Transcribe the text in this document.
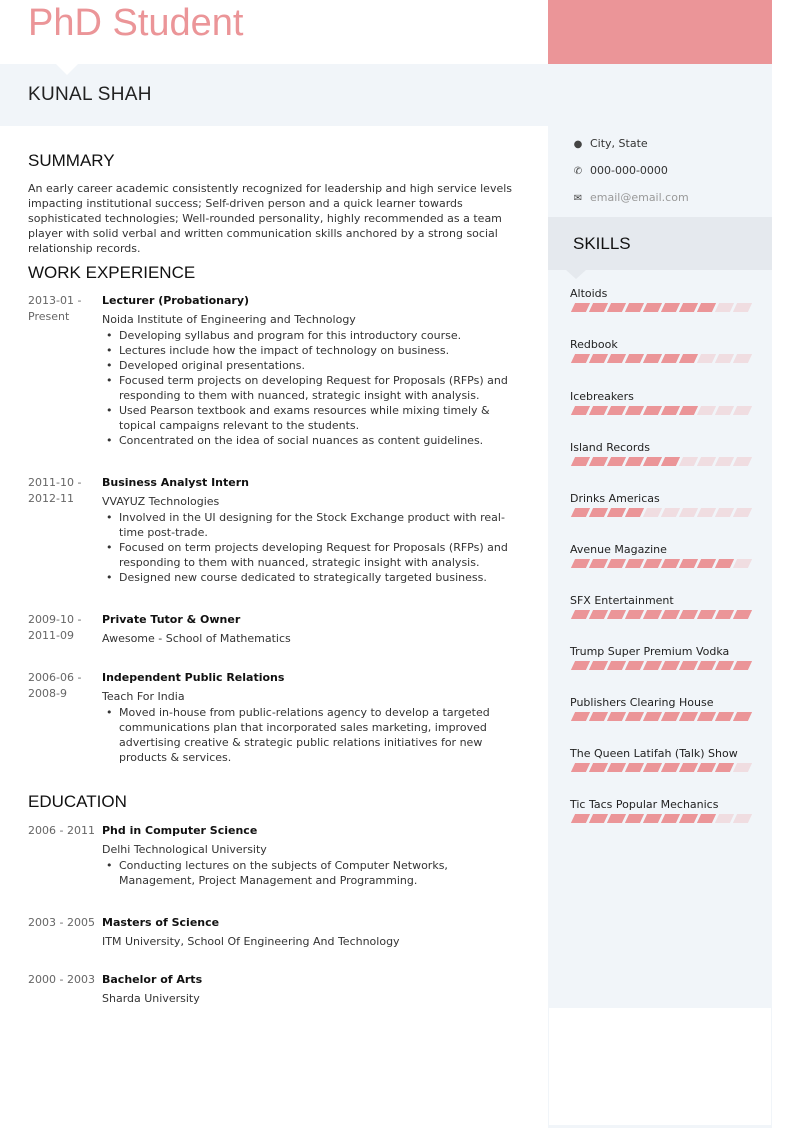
PhD Student
KUNAL SHAH
SUMMARY
An early career academic consistently recognized for leadership and high service levels impacting institutional success; Self-driven person and a quick learner towards sophisticated technologies; Well-rounded personality, highly recommended as a team player with solid verbal and written communication skills anchored by a strong social relationship records.
WORK EXPERIENCE
2013-01 - Present
Lecturer (Probationary)
Noida Institute of Engineering and Technology
• Developing syllabus and program for this introductory course.
• Lectures include how the impact of technology on business.
• Developed original presentations.
• Focused term projects on developing Request for Proposals (RFPs) and responding to them with nuanced, strategic insight with analysis.
• Used Pearson textbook and exams resources while mixing timely & topical campaigns relevant to the students.
• Concentrated on the idea of social nuances as content guidelines.
2011-10 - 2012-11
Business Analyst Intern
VVAYUZ Technologies
• Involved in the UI designing for the Stock Exchange product with real-time post-trade.
• Focused on term projects developing Request for Proposals (RFPs) and responding to them with nuanced, strategic insight with analysis.
• Designed new course dedicated to strategically targeted business.
2009-10 - 2011-09
Private Tutor & Owner
Awesome - School of Mathematics
2006-06 - 2008-9
Independent Public Relations
Teach For India
• Moved in-house from public-relations agency to develop a targeted communications plan that incorporated sales marketing, improved advertising creative & strategic public relations initiatives for new products & services.
EDUCATION
2006 - 2011 Phd in Computer Science
Delhi Technological University
• Conducting lectures on the subjects of Computer Networks, Management, Project Management and Programming.
2003 - 2005 Masters of Science
ITM University, School Of Engineering And Technology
2000 - 2003 Bachelor of Arts
Sharda University
● City, State
✆ 000-000-0000
✉ email@email.com
SKILLS
Altoids
Redbook
Icebreakers
Island Records
Drinks Americas
Avenue Magazine
SFX Entertainment
Trump Super Premium Vodka
Publishers Clearing House
The Queen Latifah (Talk) Show
Tic Tacs Popular Mechanics
